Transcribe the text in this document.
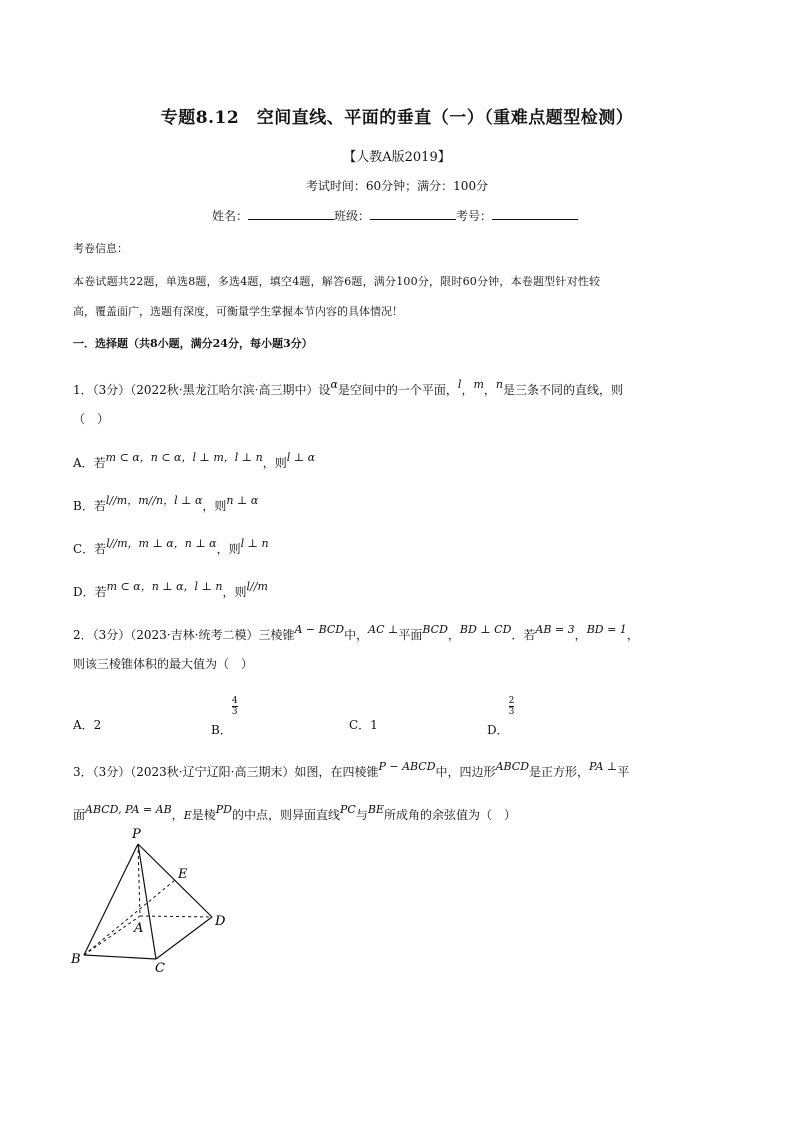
专题8.12　空间直线、平面的垂直（一）（重难点题型检测）
【人教A版2019】
考试时间：60分钟；满分：100分
姓名：	班级：	考号：
考卷信息：
本卷试题共22题，单选8题，多选4题，填空4题，解答6题，满分100分，限时60分钟，本卷题型针对性较
高，覆盖面广，选题有深度，可衡量学生掌握本节内容的具体情况！
一．选择题（共8小题，满分24分，每小题3分）
1．（3分）（2022秋·黑龙江哈尔滨·高三期中）设α是空间中的一个平面，l，m，n是三条不同的直线，则
（　）
A．若m ⊂ α，n ⊂ α，l ⊥ m，l ⊥ n，则l ⊥ α
B．若l//m，m//n，l ⊥ α，则n ⊥ α
C．若l//m，m ⊥ α，n ⊥ α，则l ⊥ n
D．若m ⊂ α，n ⊥ α，l ⊥ n，则l//m
2．（3分）（2023·吉林·统考二模）三棱锥A − BCD中，AC ⊥平面BCD，BD ⊥ CD．若AB = 3，BD = 1，
则该三棱锥体积的最大值为（　）
A．2	B．
$\frac{4}{3}$
C．1	D．
$\frac{2}{3}$
3．（3分）（2023秋·辽宁辽阳·高三期末）如图，在四棱锥P − ABCD中，四边形ABCD是正方形，PA ⊥平
面ABCD, PA = AB，E是棱PD的中点，则异面直线PC与BE所成角的余弦值为（　）
P
E
A	D
B
C
